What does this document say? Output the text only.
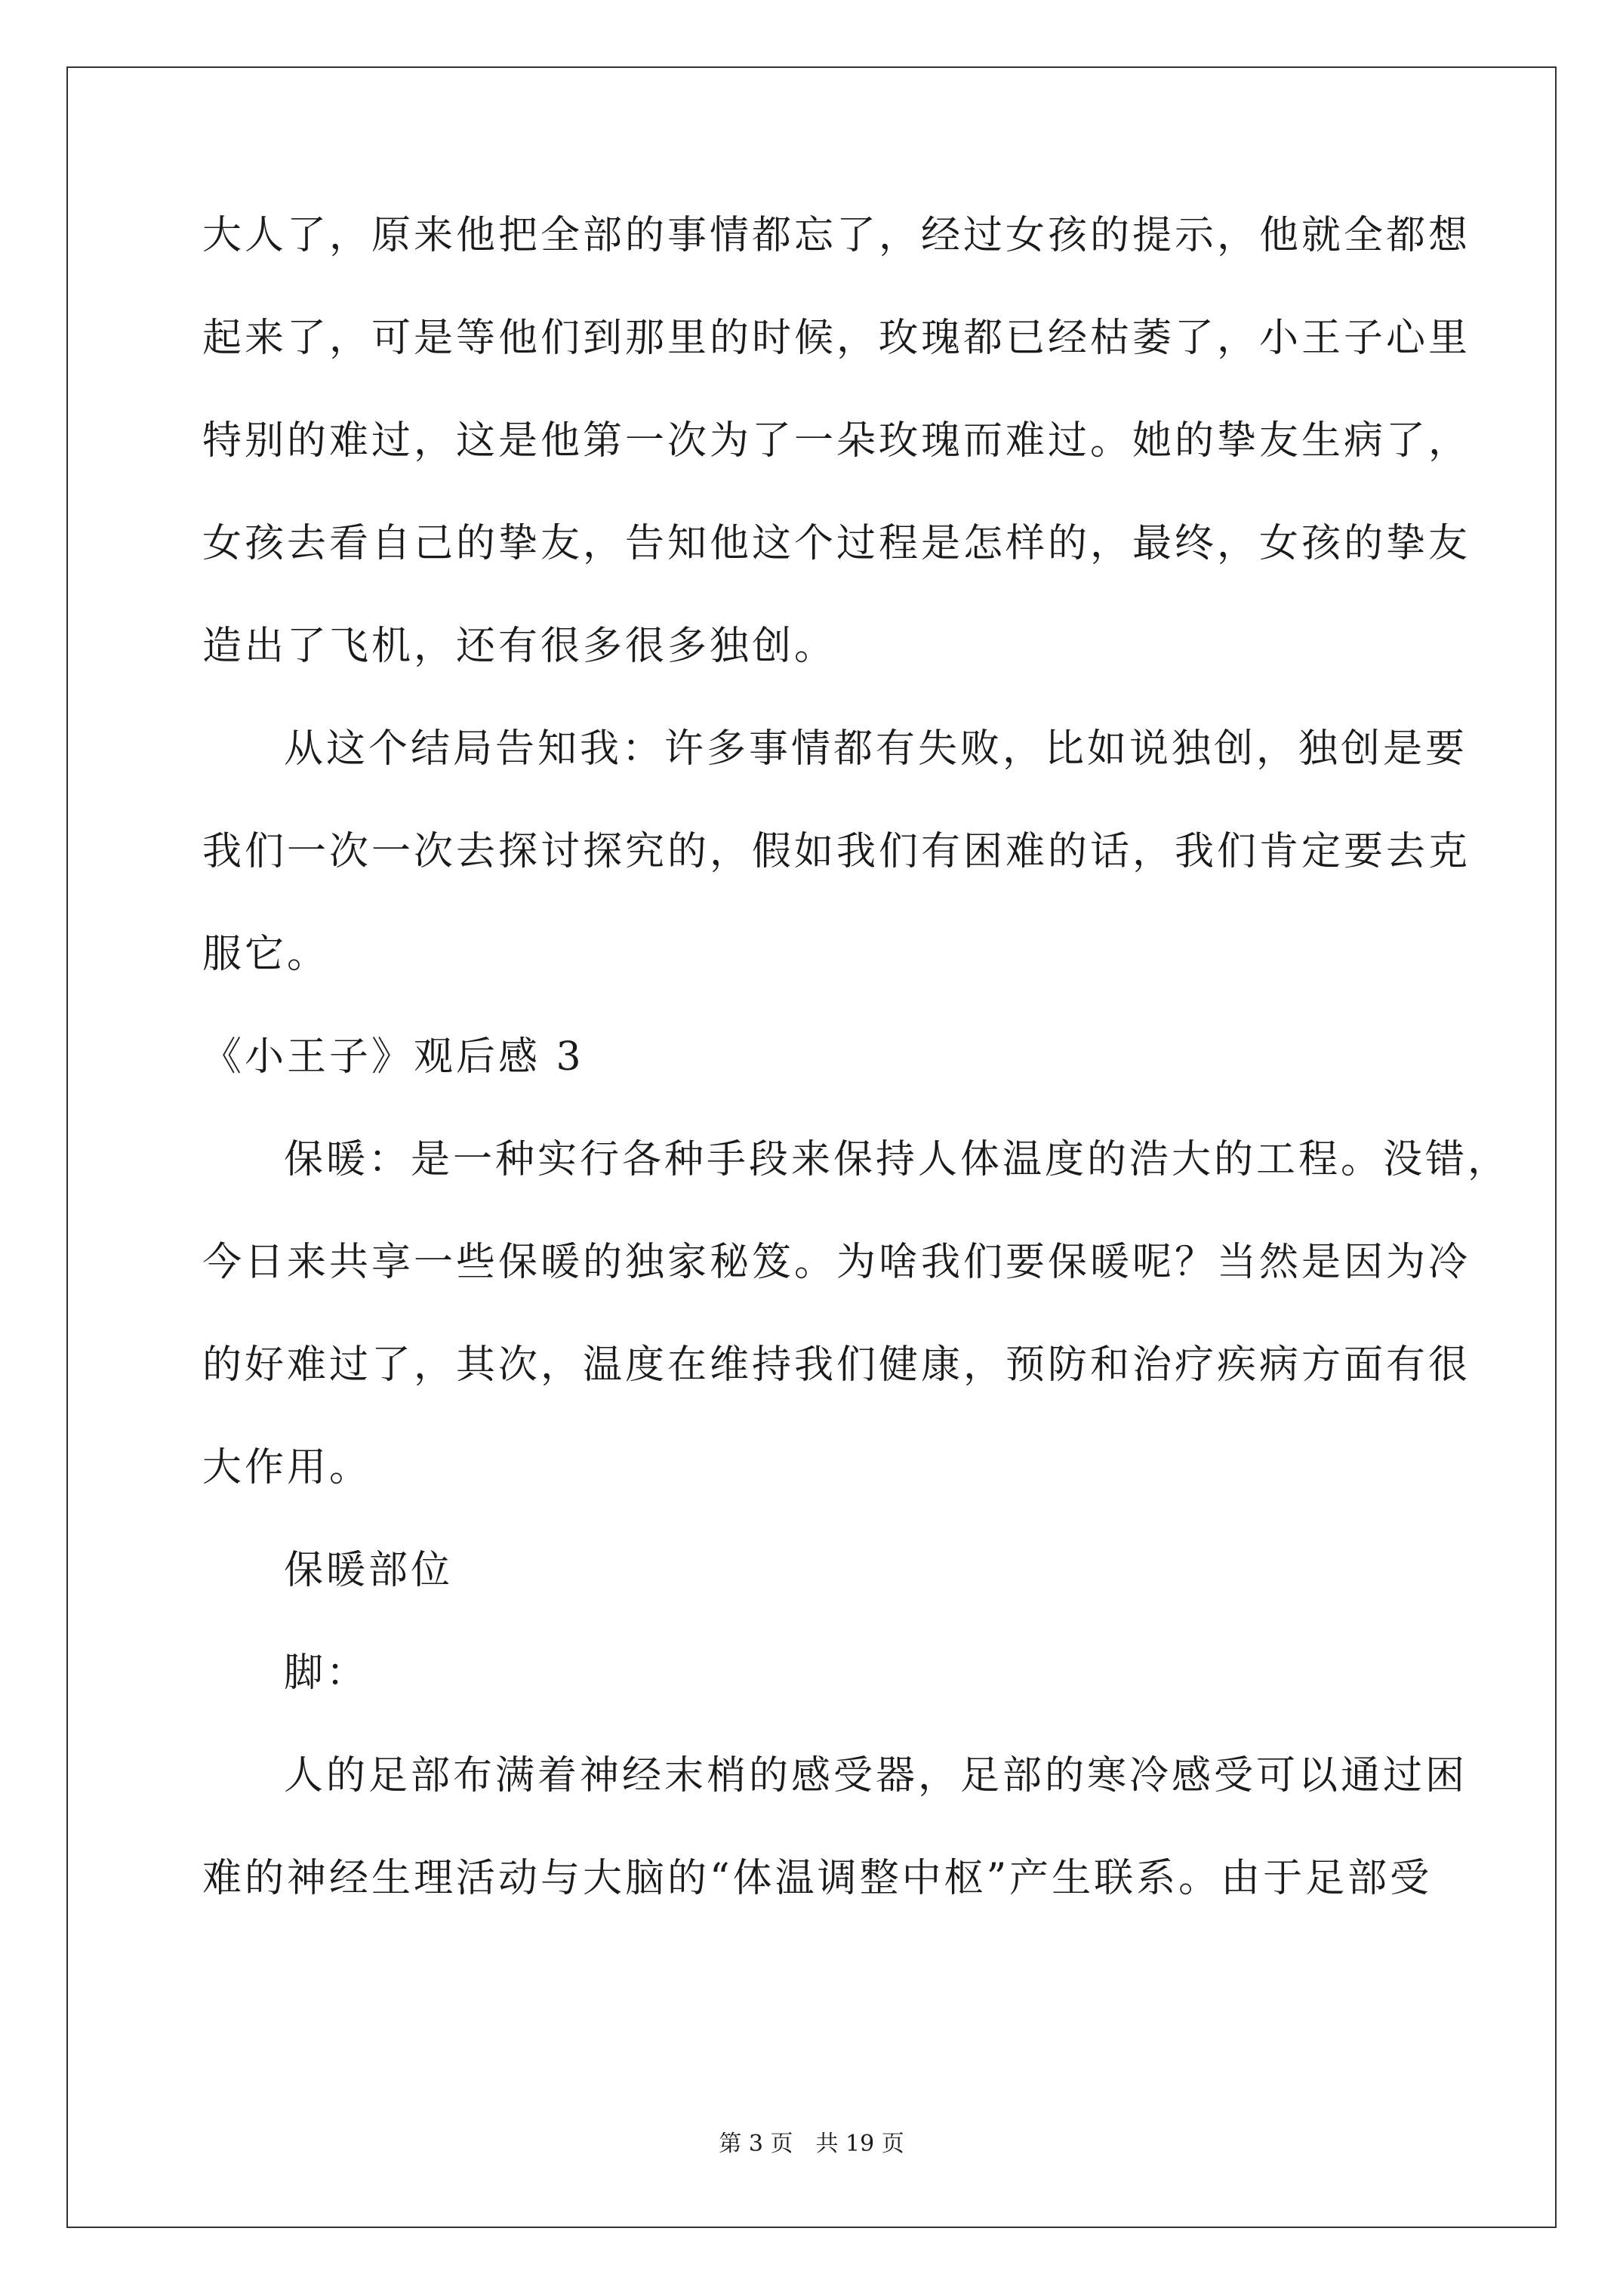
大人了，原来他把全部的事情都忘了，经过女孩的提示，他就全都想
起来了，可是等他们到那里的时候，玫瑰都已经枯萎了，小王子心里
特别的难过，这是他第一次为了一朵玫瑰而难过。她的挚友生病了，
女孩去看自己的挚友，告知他这个过程是怎样的，最终，女孩的挚友
造出了飞机，还有很多很多独创。
从这个结局告知我：许多事情都有失败，比如说独创，独创是要
我们一次一次去探讨探究的，假如我们有困难的话，我们肯定要去克
服它。
《小王子》观后感 3
保暖：是一种实行各种手段来保持人体温度的浩大的工程。没错，
今日来共享一些保暖的独家秘笈。为啥我们要保暖呢？当然是因为冷
的好难过了，其次，温度在维持我们健康，预防和治疗疾病方面有很
大作用。
保暖部位
脚：
人的足部布满着神经末梢的感受器，足部的寒冷感受可以通过困
难的神经生理活动与大脑的“体温调整中枢”产生联系。由于足部受
第 3 页　共 19 页
